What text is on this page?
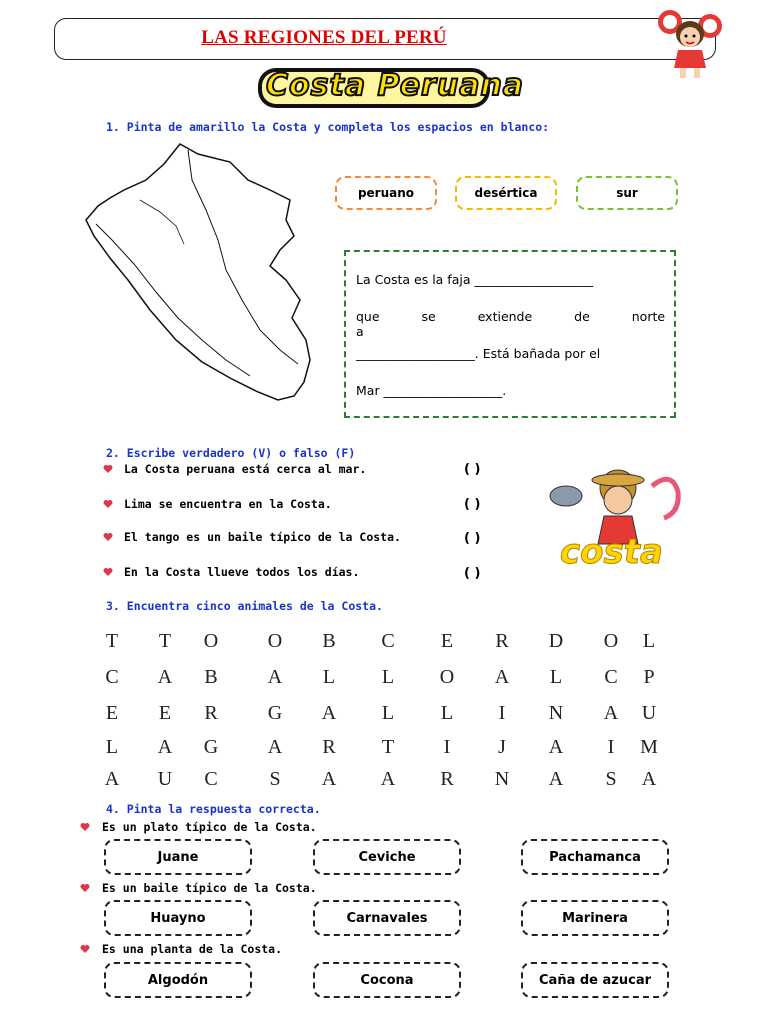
LAS REGIONES DEL PERÚ
Costa Peruana
1. Pinta de amarillo la Costa y completa los espacios en blanco:
peruano	desértica	sur
La Costa es la faja ___________________
que se extiende de norte a
___________________. Está bañada por el
Mar ___________________.
2. Escribe verdadero (V) o falso (F)
La Costa peruana está cerca al mar.	( )
Lima se encuentra en la Costa.	( )
El tango es un baile típico de la Costa.	( )
En la Costa llueve todos los días.	( )
costa
3. Encuentra cinco animales de la Costa.
T	T	O	O	B	C	E	R	D	O	L
C	A	B	A	L	L	O	A	L	C	P
E	E	R	G	A	L	L	I	N	A	U
L	A	G	A	R	T	I	J	A	I	M
A	U	C	S	A	A	R	N	A	S	A
4. Pinta la respuesta correcta.
Es un plato típico de la Costa.
Juane	Ceviche	Pachamanca
Es un baile típico de la Costa.
Huayno	Carnavales	Marinera
Es una planta de la Costa.
Algodón	Cocona	Caña de azucar
